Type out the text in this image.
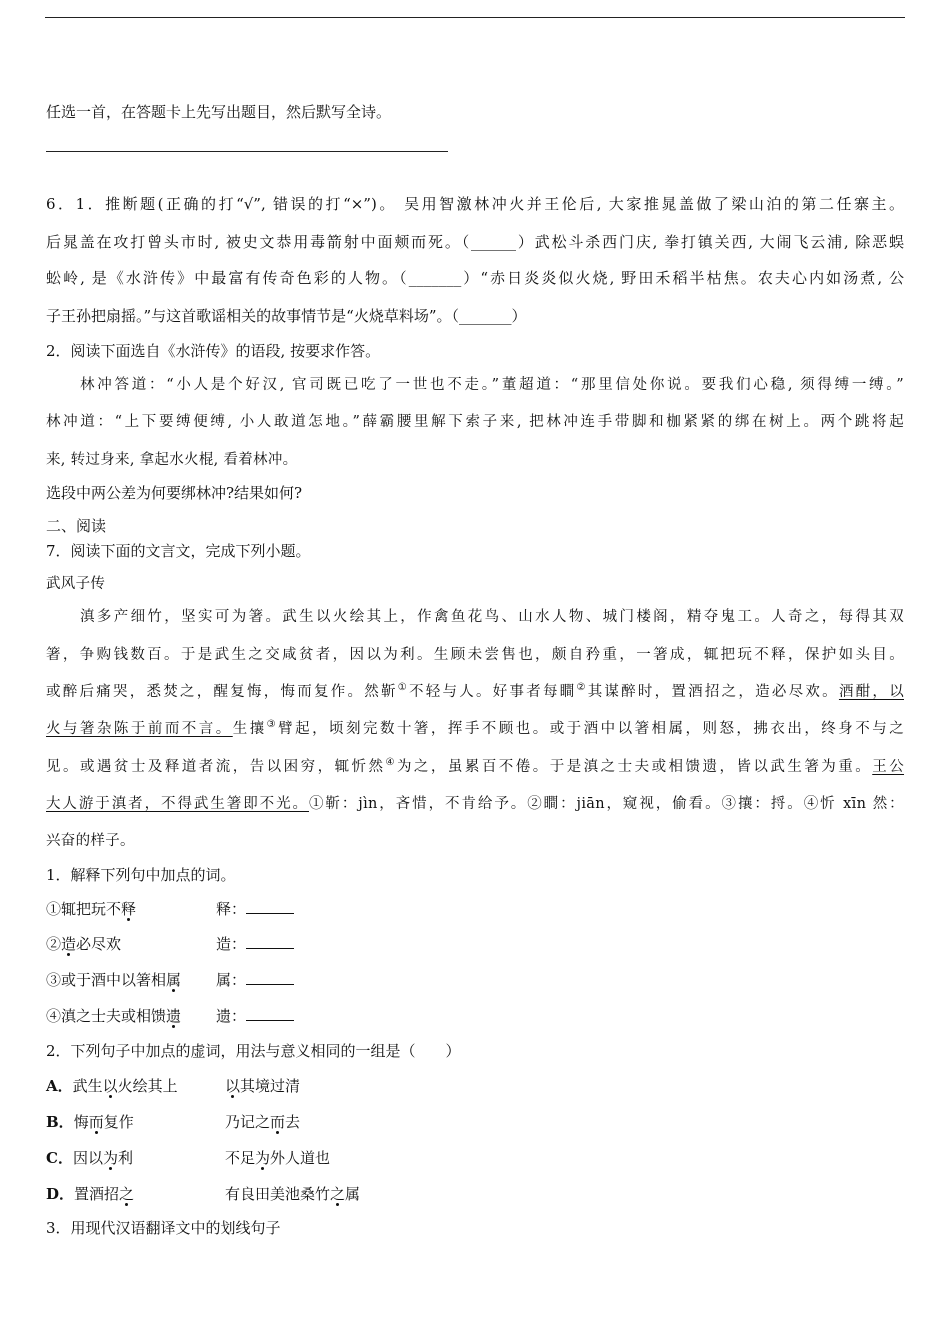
任选一首，在答题卡上先写出题目，然后默写全诗。
6．1．推断题(正确的打“√”, 错误的打“×”)。 吴用智激林冲火并王伦后, 大家推晁盖做了梁山泊的第二任寨主。
后晁盖在攻打曾头市时, 被史文恭用毒箭射中面颊而死。（______）武松斗杀西门庆, 拳打镇关西, 大闹飞云浦, 除恶蜈
蚣岭, 是《水浒传》中最富有传奇色彩的人物。（_______）“赤日炎炎似火烧, 野田禾稻半枯焦。农夫心内如汤煮, 公
子王孙把扇摇。”与这首歌谣相关的故事情节是“火烧草料场”。（_______）
2．阅读下面选自《水浒传》的语段, 按要求作答。
林冲答道：“小人是个好汉, 官司既已吃了一世也不走。”董超道：“那里信处你说。要我们心稳, 须得缚一缚。”
林冲道：“上下要缚便缚, 小人敢道怎地。”薛霸腰里解下索子来, 把林冲连手带脚和枷紧紧的绑在树上。两个跳将起
来, 转过身来, 拿起水火棍, 看着林冲。
选段中两公差为何要绑林冲?结果如何?
二、阅读
7．阅读下面的文言文，完成下列小题。
武风子传
滇多产细竹，坚实可为箸。武生以火绘其上，作禽鱼花鸟、山水人物、城门楼阁，精夺鬼工。人奇之，每得其双
箸，争购钱数百。于是武生之交咸贫者，因以为利。生顾未尝售也，颇自矜重，一箸成，辄把玩不释，保护如头目。
或醉后痛哭，悉焚之，醒复悔，悔而复作。然靳①不轻与人。好事者每瞷②其谋醉时，置酒招之，造必尽欢。酒酣，以
火与箸杂陈于前而不言。生攘③臂起，顷刻完数十箸，挥手不顾也。或于酒中以箸相属，则怒，拂衣出，终身不与之
见。或遇贫士及释道者流，告以困穷，辄忻然④为之，虽累百不倦。于是滇之士夫或相馈遗，皆以武生箸为重。王公
大人游于滇者，不得武生箸即不光。①靳：jìn，吝惜，不肯给予。②瞷：jiān，窥视，偷看。③攘：捋。④忻 xīn 然：
兴奋的样子。
1．解释下列句中加点的词。
①辄把玩不释	释：
②造必尽欢	造：
③或于酒中以箸相属 属：
④滇之士夫或相馈遗 遗：
2．下列句子中加点的虚词，用法与意义相同的一组是（　　）
A．武生以火绘其上	以其境过清
B．悔而复作	乃记之而去
C．因以为利	不足为外人道也
D．置酒招之	有良田美池桑竹之属
3．用现代汉语翻译文中的划线句子
